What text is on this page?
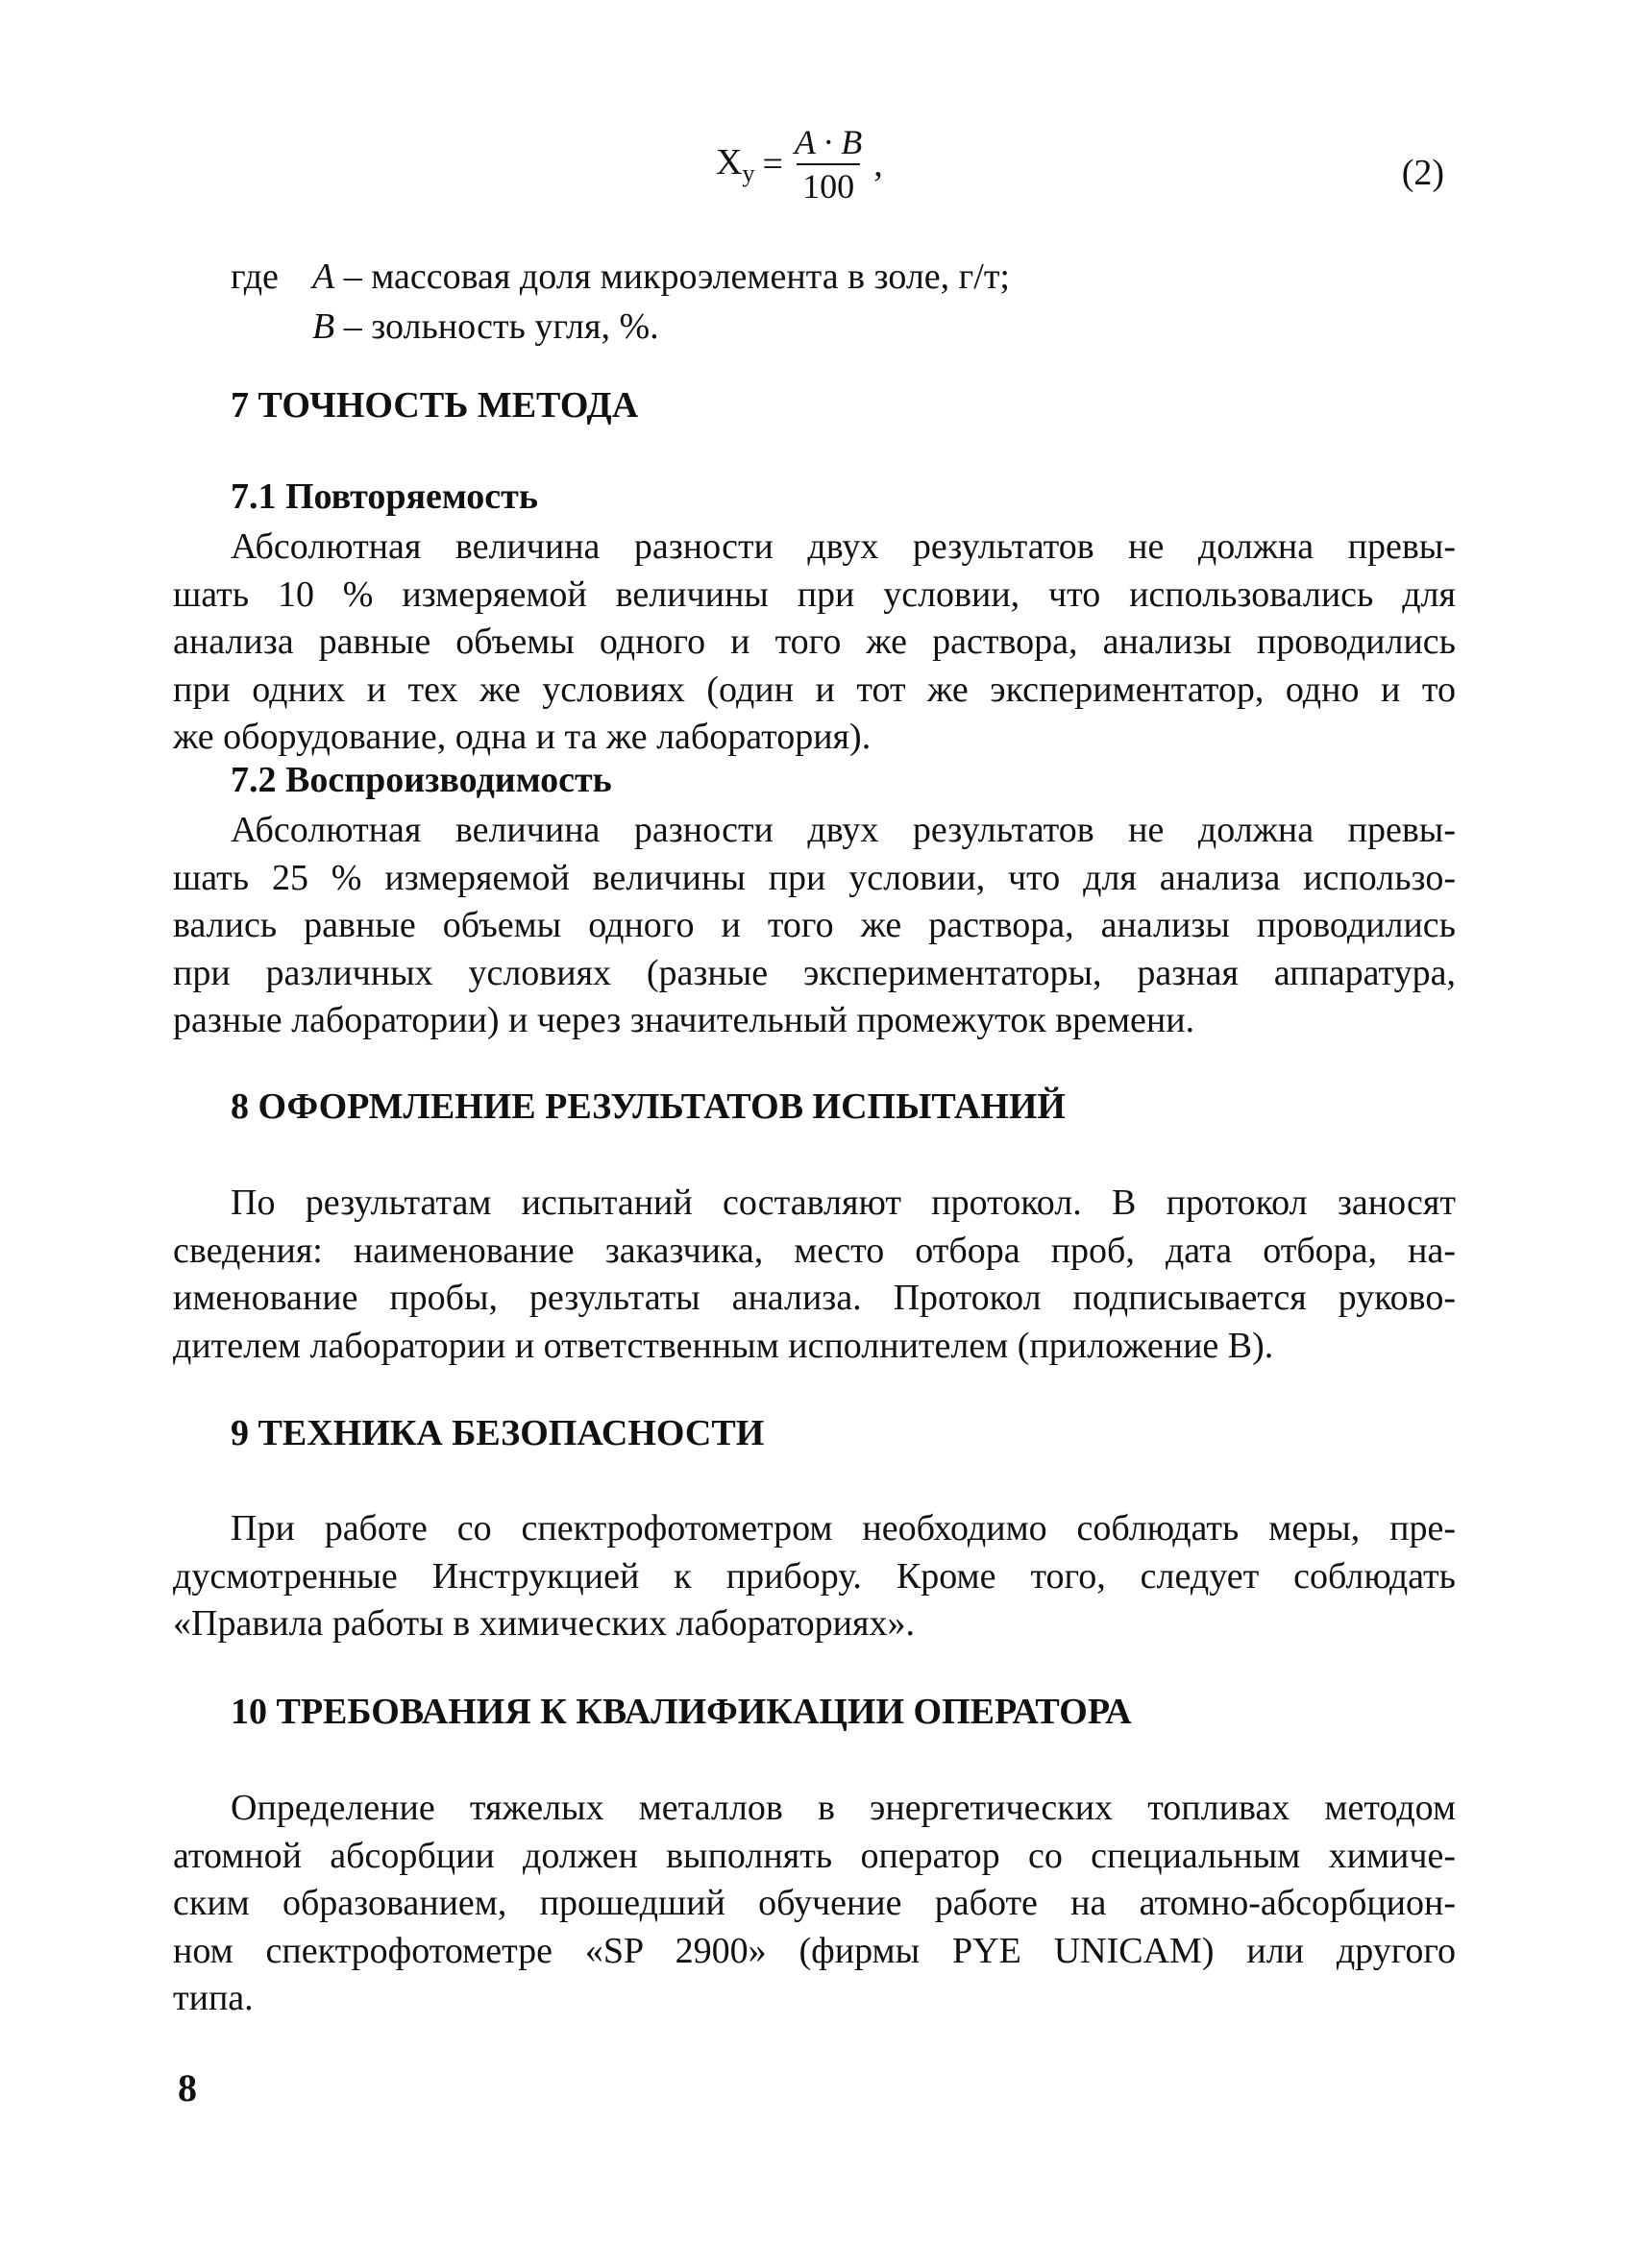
$X_у = \frac{A \cdot B}{100}$ ,	(2)
где A – массовая доля микроэлемента в золе, г/т;
B – зольность угля, %.
7 ТОЧНОСТЬ МЕТОДА
7.1 Повторяемость
Абсолютная величина разности двух результатов не должна превы-
шать 10 % измеряемой величины при условии, что использовались для
анализа равные объемы одного и того же раствора, анализы проводились
при одних и тех же условиях (один и тот же экспериментатор, одно и то
же оборудование, одна и та же лаборатория).
7.2 Воспроизводимость
Абсолютная величина разности двух результатов не должна превы-
шать 25 % измеряемой величины при условии, что для анализа использо-
вались равные объемы одного и того же раствора, анализы проводились
при различных условиях (разные экспериментаторы, разная аппаратура,
разные лаборатории) и через значительный промежуток времени.
8 ОФОРМЛЕНИЕ РЕЗУЛЬТАТОВ ИСПЫТАНИЙ
По результатам испытаний составляют протокол. В протокол заносят
сведения: наименование заказчика, место отбора проб, дата отбора, на-
именование пробы, результаты анализа. Протокол подписывается руково-
дителем лаборатории и ответственным исполнителем (приложение В).
9 ТЕХНИКА БЕЗОПАСНОСТИ
При работе со спектрофотометром необходимо соблюдать меры, пре-
дусмотренные Инструкцией к прибору. Кроме того, следует соблюдать
«Правила работы в химических лабораториях».
10 ТРЕБОВАНИЯ К КВАЛИФИКАЦИИ ОПЕРАТОРА
Определение тяжелых металлов в энергетических топливах методом
атомной абсорбции должен выполнять оператор со специальным химиче-
ским образованием, прошедший обучение работе на атомно-абсорбцион-
ном спектрофотометре «SP 2900» (фирмы PYE UNICAM) или другого
типа.
8
